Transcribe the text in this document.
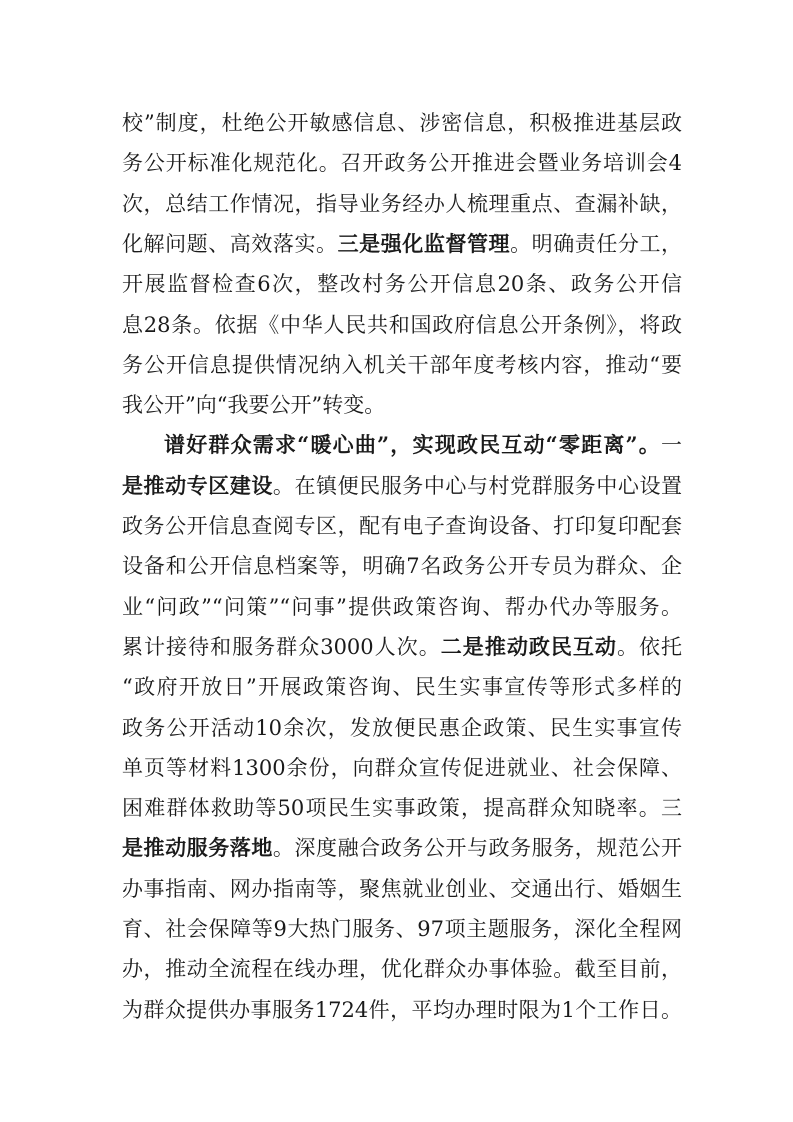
校”制度，杜绝公开敏感信息、涉密信息，积极推进基层政
务公开标准化规范化。召开政务公开推进会暨业务培训会4
次，总结工作情况，指导业务经办人梳理重点、查漏补缺，
化解问题、高效落实。三是强化监督管理。明确责任分工，
开展监督检查6次，整改村务公开信息20条、政务公开信
息28条。依据《中华人民共和国政府信息公开条例》，将政
务公开信息提供情况纳入机关干部年度考核内容，推动“要
我公开”向“我要公开”转变。
谱好群众需求“暖心曲”，实现政民互动“零距离”。一
是推动专区建设。在镇便民服务中心与村党群服务中心设置
政务公开信息查阅专区，配有电子查询设备、打印复印配套
设备和公开信息档案等，明确7名政务公开专员为群众、企
业“问政”“问策”“问事”提供政策咨询、帮办代办等服务。
累计接待和服务群众3000人次。二是推动政民互动。依托
“政府开放日”开展政策咨询、民生实事宣传等形式多样的
政务公开活动10余次，发放便民惠企政策、民生实事宣传
单页等材料1300余份，向群众宣传促进就业、社会保障、
困难群体救助等50项民生实事政策，提高群众知晓率。三
是推动服务落地。深度融合政务公开与政务服务，规范公开
办事指南、网办指南等，聚焦就业创业、交通出行、婚姻生
育、社会保障等9大热门服务、97项主题服务，深化全程网
办，推动全流程在线办理，优化群众办事体验。截至目前，
为群众提供办事服务1724件，平均办理时限为1个工作日。
